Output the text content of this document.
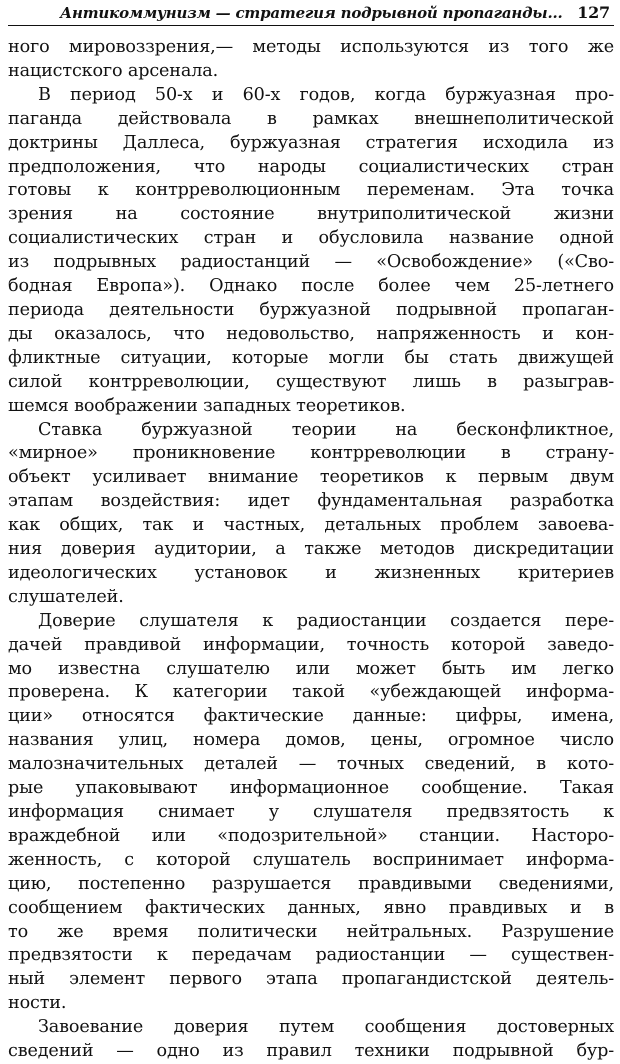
Антикоммунизм — стратегия подрывной пропаганды... 127
ного мировоззрения,— методы используются из того же
нацистского арсенала.
В период 50-х и 60-х годов, когда буржуазная про-
паганда действовала в рамках внешнеполитической
доктрины Даллеса, буржуазная стратегия исходила из
предположения, что народы социалистических стран
готовы к контрреволюционным переменам. Эта точка
зрения на состояние внутриполитической жизни
социалистических стран и обусловила название одной
из подрывных радиостанций — «Освобождение» («Сво-
бодная Европа»). Однако после более чем 25-летнего
периода деятельности буржуазной подрывной пропаган-
ды оказалось, что недовольство, напряженность и кон-
фликтные ситуации, которые могли бы стать движущей
силой контрреволюции, существуют лишь в разыграв-
шемся воображении западных теоретиков.
Ставка буржуазной теории на бесконфликтное,
«мирное» проникновение контрреволюции в страну-
объект усиливает внимание теоретиков к первым двум
этапам воздействия: идет фундаментальная разработка
как общих, так и частных, детальных проблем завоева-
ния доверия аудитории, а также методов дискредитации
идеологических установок и жизненных критериев
слушателей.
Доверие слушателя к радиостанции создается пере-
дачей правдивой информации, точность которой заведо-
мо известна слушателю или может быть им легко
проверена. К категории такой «убеждающей информа-
ции» относятся фактические данные: цифры, имена,
названия улиц, номера домов, цены, огромное число
малозначительных деталей — точных сведений, в кото-
рые упаковывают информационное сообщение. Такая
информация снимает у слушателя предвзятость к
враждебной или «подозрительной» станции. Насторо-
женность, с которой слушатель воспринимает информа-
цию, постепенно разрушается правдивыми сведениями,
сообщением фактических данных, явно правдивых и в
то же время политически нейтральных. Разрушение
предвзятости к передачам радиостанции — существен-
ный элемент первого этапа пропагандистской деятель-
ности.
Завоевание доверия путем сообщения достоверных
сведений — одно из правил техники подрывной бур-
